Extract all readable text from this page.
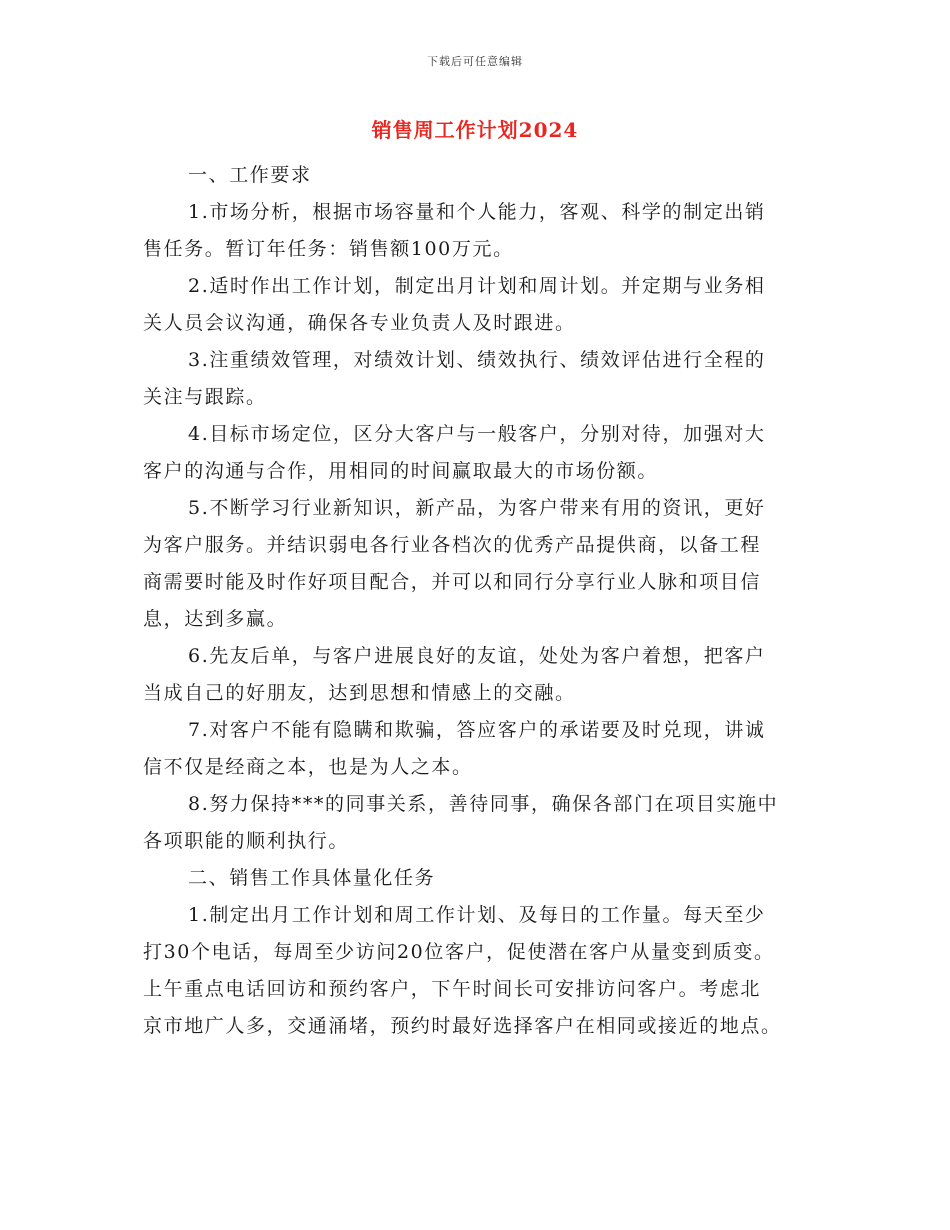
下载后可任意编辑
销售周工作计划2024
一、工作要求
1.市场分析，根据市场容量和个人能力，客观、科学的制定出销
售任务。暂订年任务：销售额100万元。
2.适时作出工作计划，制定出月计划和周计划。并定期与业务相
关人员会议沟通，确保各专业负责人及时跟进。
3.注重绩效管理，对绩效计划、绩效执行、绩效评估进行全程的
关注与跟踪。
4.目标市场定位，区分大客户与一般客户，分别对待，加强对大
客户的沟通与合作，用相同的时间赢取最大的市场份额。
5.不断学习行业新知识，新产品，为客户带来有用的资讯，更好
为客户服务。并结识弱电各行业各档次的优秀产品提供商，以备工程
商需要时能及时作好项目配合，并可以和同行分享行业人脉和项目信
息，达到多赢。
6.先友后单，与客户进展良好的友谊，处处为客户着想，把客户
当成自己的好朋友，达到思想和情感上的交融。
7.对客户不能有隐瞒和欺骗，答应客户的承诺要及时兑现，讲诚
信不仅是经商之本，也是为人之本。
8.努力保持***的同事关系，善待同事，确保各部门在项目实施中
各项职能的顺利执行。
二、销售工作具体量化任务
1.制定出月工作计划和周工作计划、及每日的工作量。每天至少
打30个电话，每周至少访问20位客户，促使潜在客户从量变到质变。
上午重点电话回访和预约客户，下午时间长可安排访问客户。考虑北
京市地广人多，交通涌堵，预约时最好选择客户在相同或接近的地点。
